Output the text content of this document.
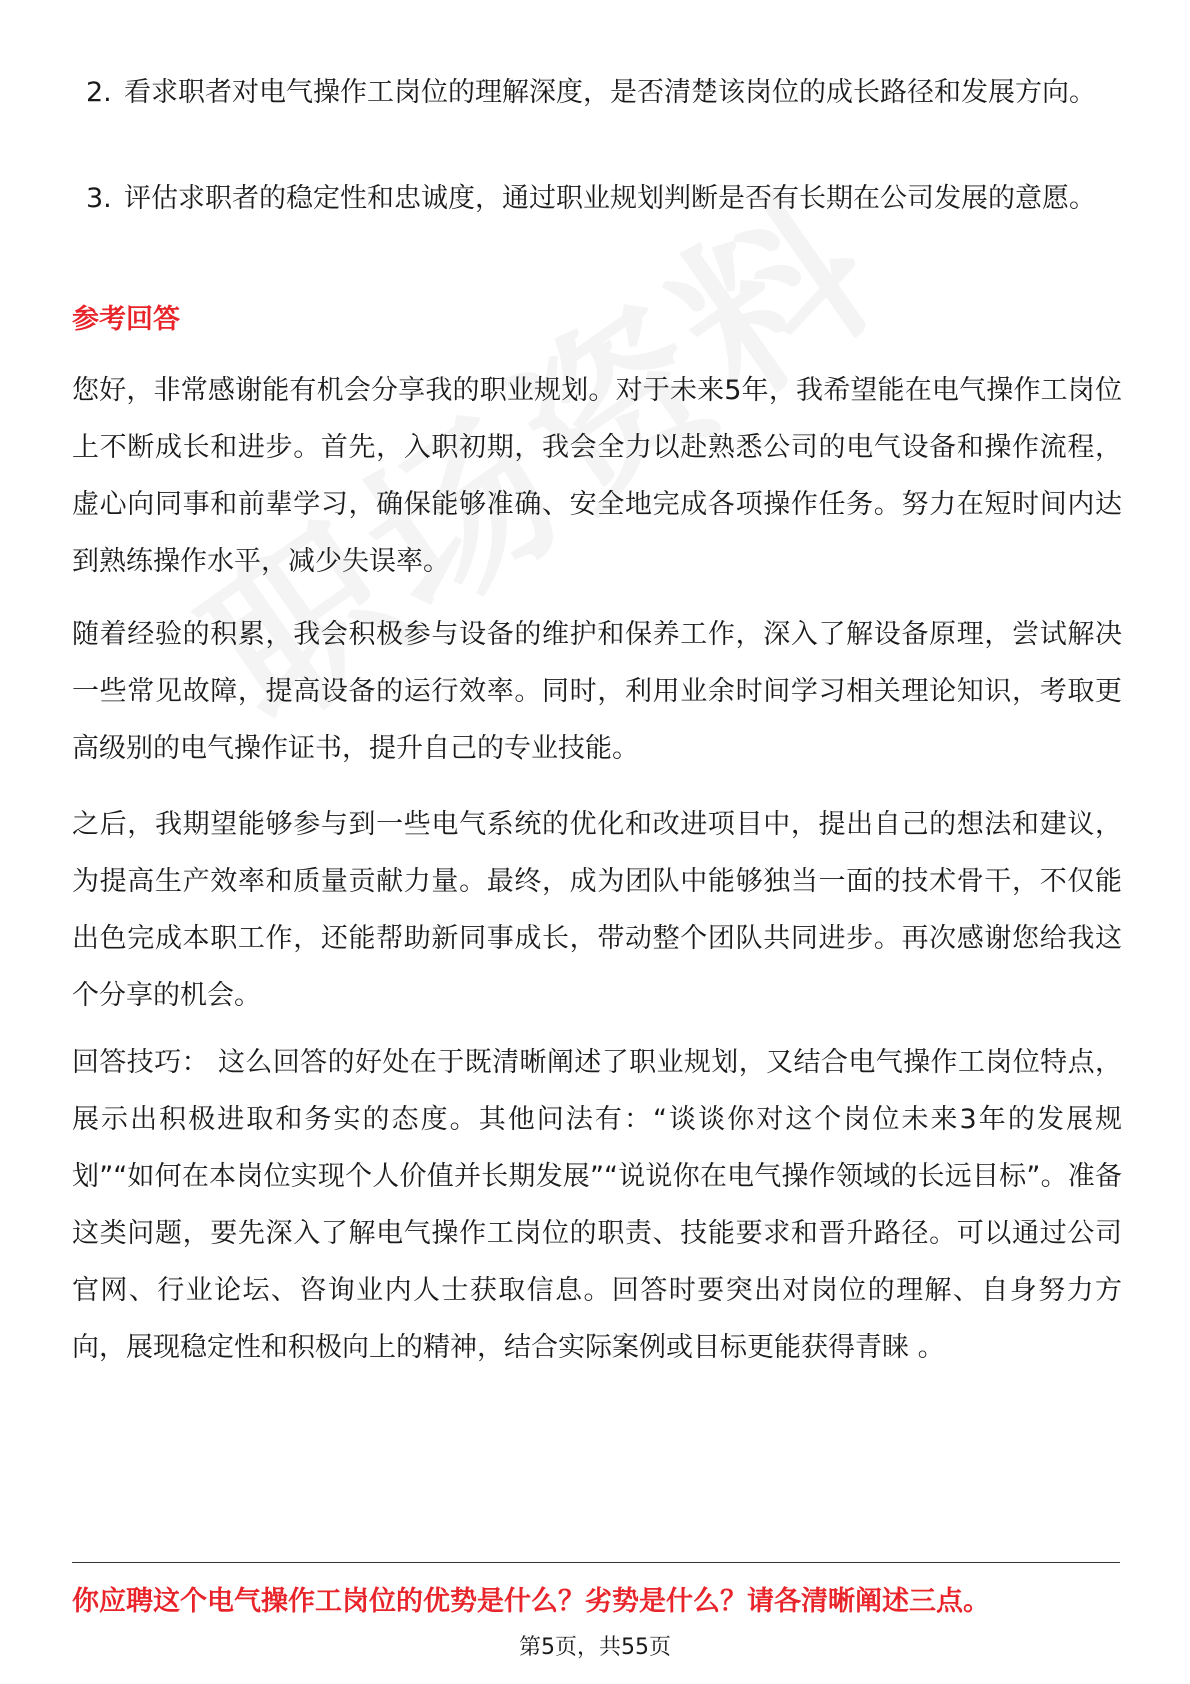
2. 看求职者对电气操作工岗位的理解深度，是否清楚该岗位的成长路径和发展方向。
3. 评估求职者的稳定性和忠诚度，通过职业规划判断是否有长期在公司发展的意愿。
参考回答
您好，非常感谢能有机会分享我的职业规划。对于未来5年，我希望能在电气操作工岗位上不断成长和进步。首先，入职初期，我会全力以赴熟悉公司的电气设备和操作流程，虚心向同事和前辈学习，确保能够准确、安全地完成各项操作任务。努力在短时间内达到熟练操作水平，减少失误率。
随着经验的积累，我会积极参与设备的维护和保养工作，深入了解设备原理，尝试解决一些常见故障，提高设备的运行效率。同时，利用业余时间学习相关理论知识，考取更高级别的电气操作证书，提升自己的专业技能。
之后，我期望能够参与到一些电气系统的优化和改进项目中，提出自己的想法和建议，为提高生产效率和质量贡献力量。最终，成为团队中能够独当一面的技术骨干，不仅能出色完成本职工作，还能帮助新同事成长，带动整个团队共同进步。再次感谢您给我这个分享的机会。
回答技巧： 这么回答的好处在于既清晰阐述了职业规划，又结合电气操作工岗位特点，展示出积极进取和务实的态度。其他问法有：“谈谈你对这个岗位未来3年的发展规划”“如何在本岗位实现个人价值并长期发展”“说说你在电气操作领域的长远目标”。准备这类问题，要先深入了解电气操作工岗位的职责、技能要求和晋升路径。可以通过公司官网、行业论坛、咨询业内人士获取信息。回答时要突出对岗位的理解、自身努力方向，展现稳定性和积极向上的精神，结合实际案例或目标更能获得青睐 。
你应聘这个电气操作工岗位的优势是什么？劣势是什么？请各清晰阐述三点。
第5页，共55页
